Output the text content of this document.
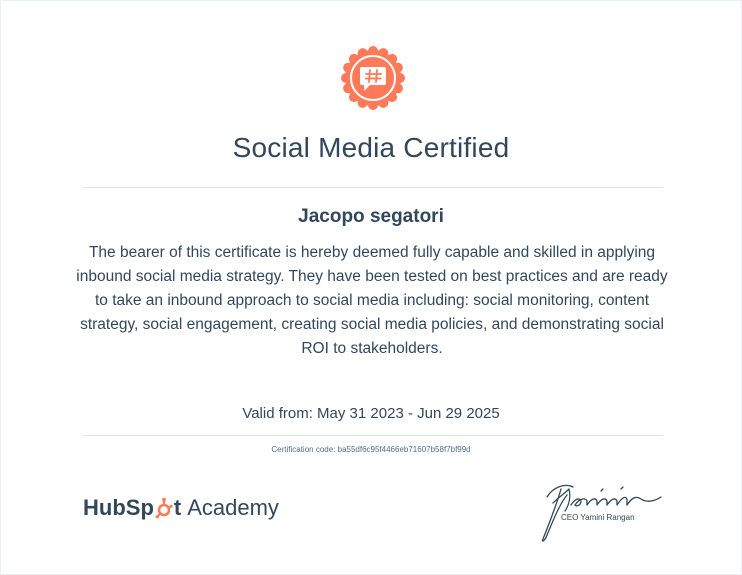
Social Media Certified
Jacopo segatori
The bearer of this certificate is hereby deemed fully capable and skilled in applying inbound social media strategy. They have been tested on best practices and are ready to take an inbound approach to social media including: social monitoring, content strategy, social engagement, creating social media policies, and demonstrating social ROI to stakeholders.
Valid from: May 31 2023 - Jun 29 2025
Certification code: ba55df6c95f4466eb71607b58f7bf99d
HubSp t Academy	CEO Yamini Rangan
